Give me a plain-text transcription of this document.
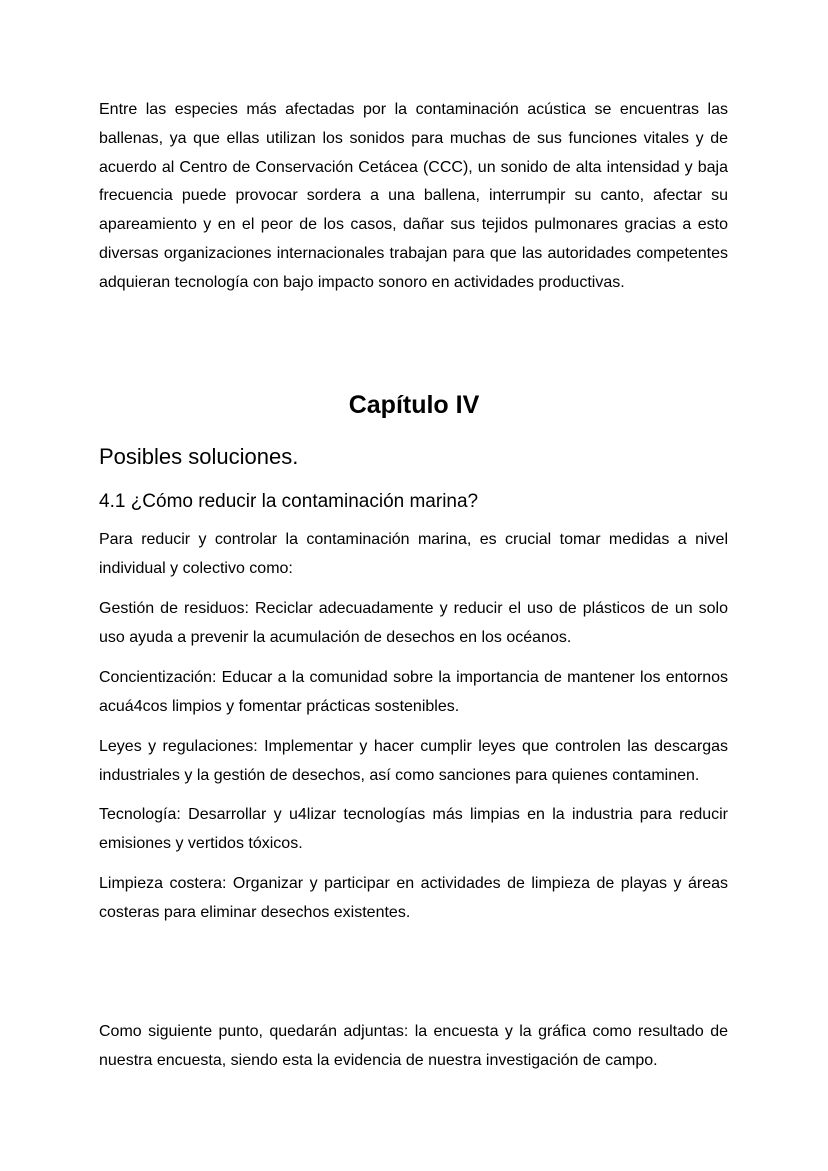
Entre las especies más afectadas por la contaminación acústica se encuentras las ballenas, ya que ellas utilizan los sonidos para muchas de sus funciones vitales y de acuerdo al Centro de Conservación Cetácea (CCC), un sonido de alta intensidad y baja frecuencia puede provocar sordera a una ballena, interrumpir su canto, afectar su apareamiento y en el peor de los casos, dañar sus tejidos pulmonares gracias a esto diversas organizaciones internacionales trabajan para que las autoridades competentes adquieran tecnología con bajo impacto sonoro en actividades productivas.

Capítulo IV
Posibles soluciones.
4.1 ¿Cómo reducir la contaminación marina?

Para reducir y controlar la contaminación marina, es crucial tomar medidas a nivel individual y colectivo como:

Gestión de residuos: Reciclar adecuadamente y reducir el uso de plásticos de un solo uso ayuda a prevenir la acumulación de desechos en los océanos.

Concientización: Educar a la comunidad sobre la importancia de mantener los entornos acuá4cos limpios y fomentar prácticas sostenibles.

Leyes y regulaciones: Implementar y hacer cumplir leyes que controlen las descargas industriales y la gestión de desechos, así como sanciones para quienes contaminen.

Tecnología: Desarrollar y u4lizar tecnologías más limpias en la industria para reducir emisiones y vertidos tóxicos.

Limpieza costera: Organizar y participar en actividades de limpieza de playas y áreas costeras para eliminar desechos existentes.

Como siguiente punto, quedarán adjuntas: la encuesta y la gráfica como resultado de nuestra encuesta, siendo esta la evidencia de nuestra investigación de campo.
